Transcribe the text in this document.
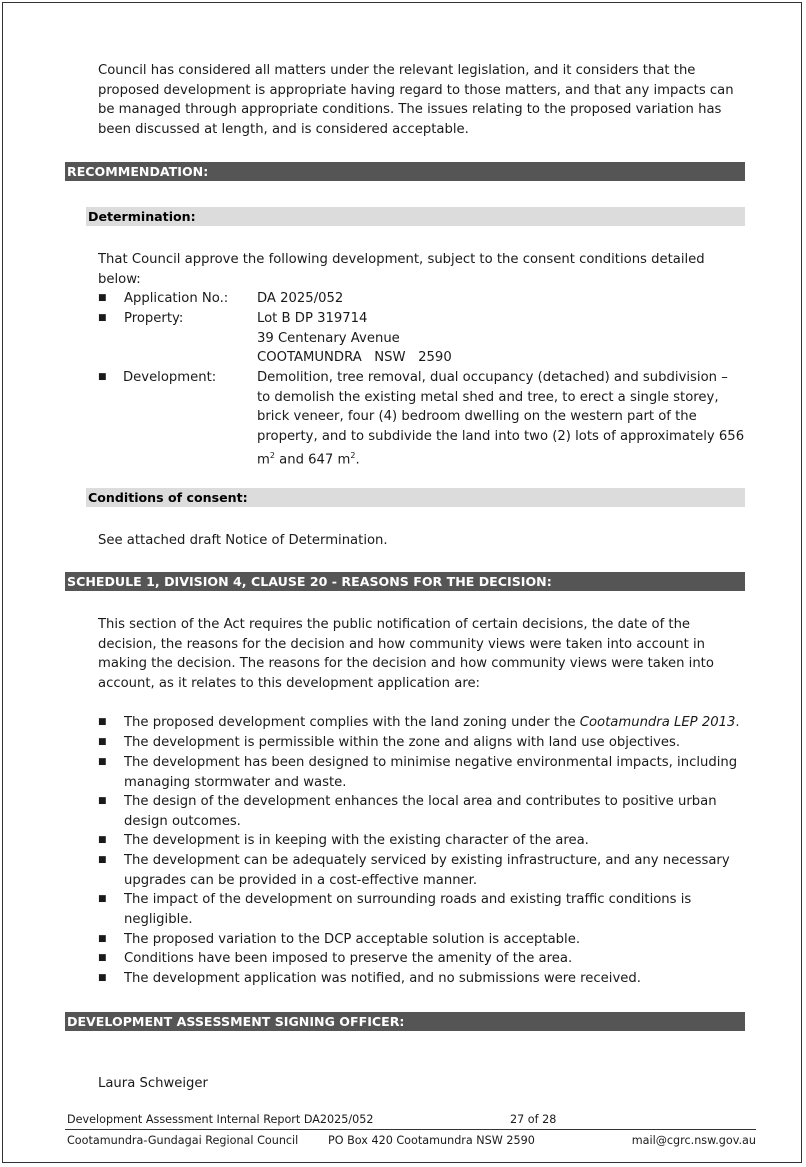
Council has considered all matters under the relevant legislation, and it considers that the proposed development is appropriate having regard to those matters, and that any impacts can be managed through appropriate conditions. The issues relating to the proposed variation has been discussed at length, and is considered acceptable.

RECOMMENDATION:
Determination:

That Council approve the following development, subject to the consent conditions detailed below:

■ Application No.: DA 2025/052
■ Property:	Lot B DP 319714
39 Centenary Avenue
COOTAMUNDRA   NSW   2590
■ Development:	Demolition, tree removal, dual occupancy (detached) and subdivision – to demolish the existing metal shed and tree, to erect a single storey, brick veneer, four (4) bedroom dwelling on the western part of the property, and to subdivide the land into two (2) lots of approximately 656 $m^2$ and 647 $m^2$.
Conditions of consent:

See attached draft Notice of Determination.

SCHEDULE 1, DIVISION 4, CLAUSE 20 - REASONS FOR THE DECISION:

This section of the Act requires the public notification of certain decisions, the date of the decision, the reasons for the decision and how community views were taken into account in making the decision. The reasons for the decision and how community views were taken into account, as it relates to this development application are:

■ The proposed development complies with the land zoning under the Cootamundra LEP 2013.
■ The development is permissible within the zone and aligns with land use objectives.
■ The development has been designed to minimise negative environmental impacts, including managing stormwater and waste.
■ The design of the development enhances the local area and contributes to positive urban design outcomes.
■ The development is in keeping with the existing character of the area.
■ The development can be adequately serviced by existing infrastructure, and any necessary upgrades can be provided in a cost-effective manner.
■ The impact of the development on surrounding roads and existing traffic conditions is negligible.
■ The proposed variation to the DCP acceptable solution is acceptable.
■ Conditions have been imposed to preserve the amenity of the area.
■ The development application was notified, and no submissions were received.
DEVELOPMENT ASSESSMENT SIGNING OFFICER:

Laura Schweiger

Development Assessment Internal Report DA2025/052	27 of 28
Cootamundra-Gundagai Regional Council	PO Box 420 Cootamundra NSW 2590	mail@cgrc.nsw.gov.au
